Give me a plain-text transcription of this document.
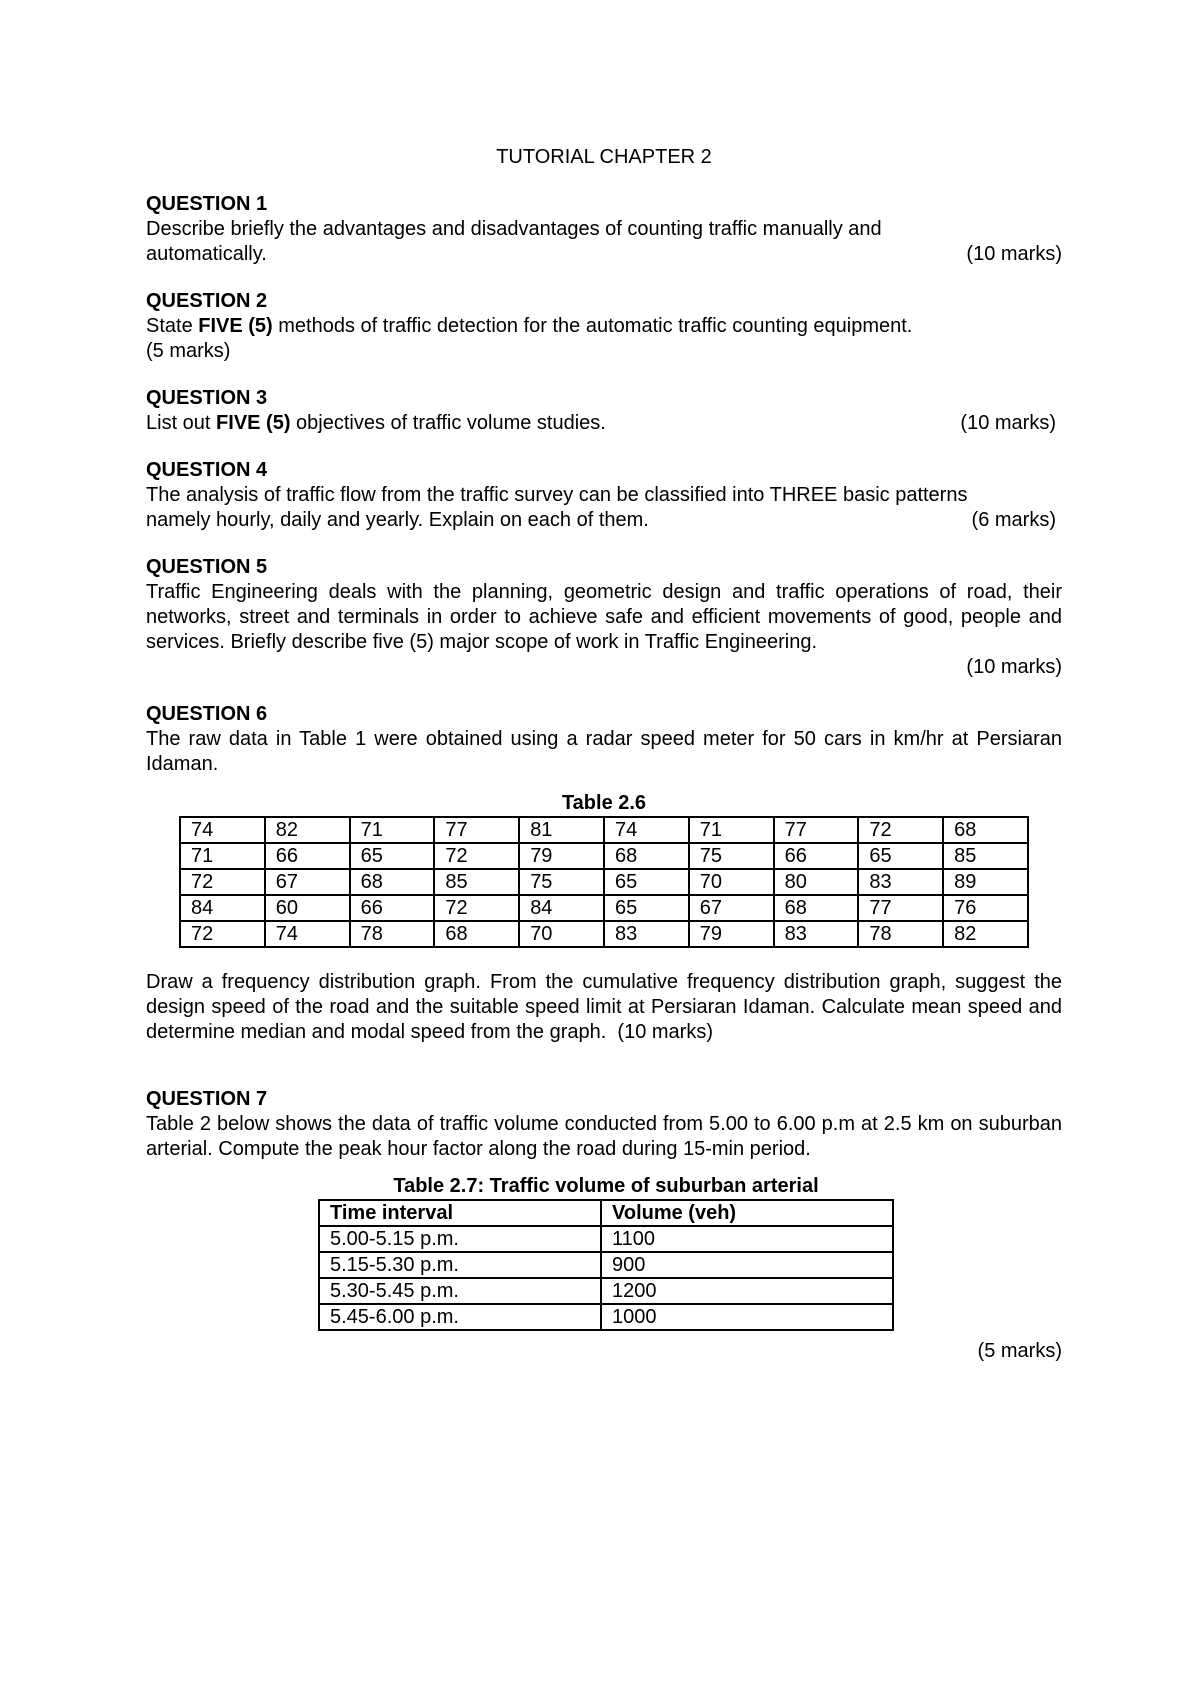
TUTORIAL CHAPTER 2
QUESTION 1
Describe briefly the advantages and disadvantages of counting traffic manually and
automatically.	(10 marks)
QUESTION 2
State FIVE (5) methods of traffic detection for the automatic traffic counting equipment.
(5 marks)
QUESTION 3
List out FIVE (5) objectives of traffic volume studies.	(10 marks)
QUESTION 4
The analysis of traffic flow from the traffic survey can be classified into THREE basic patterns
namely hourly, daily and yearly. Explain on each of them.	(6 marks)
QUESTION 5
Traffic Engineering deals with the planning, geometric design and traffic operations of road, their networks, street and terminals in order to achieve safe and efficient movements of good, people and services. Briefly describe five (5) major scope of work in Traffic Engineering.
(10 marks)
QUESTION 6
The raw data in Table 1 were obtained using a radar speed meter for 50 cars in km/hr at Persiaran Idaman.
Table 2.6
74	82	71	77	81	74	71	77	72	68
71	66	65	72	79	68	75	66	65	85
72	67	68	85	75	65	70	80	83	89
84	60	66	72	84	65	67	68	77	76
72	74	78	68	70	83	79	83	78	82
Draw a frequency distribution graph. From the cumulative frequency distribution graph, suggest the design speed of the road and the suitable speed limit at Persiaran Idaman. Calculate mean speed and determine median and modal speed from the graph. (10 marks)
QUESTION 7
Table 2 below shows the data of traffic volume conducted from 5.00 to 6.00 p.m at 2.5 km on suburban arterial. Compute the peak hour factor along the road during 15-min period.
Table 2.7: Traffic volume of suburban arterial
Time interval	Volume (veh)
5.00-5.15 p.m.	1100
5.15-5.30 p.m.	900
5.30-5.45 p.m.	1200
5.45-6.00 p.m.	1000
(5 marks)
